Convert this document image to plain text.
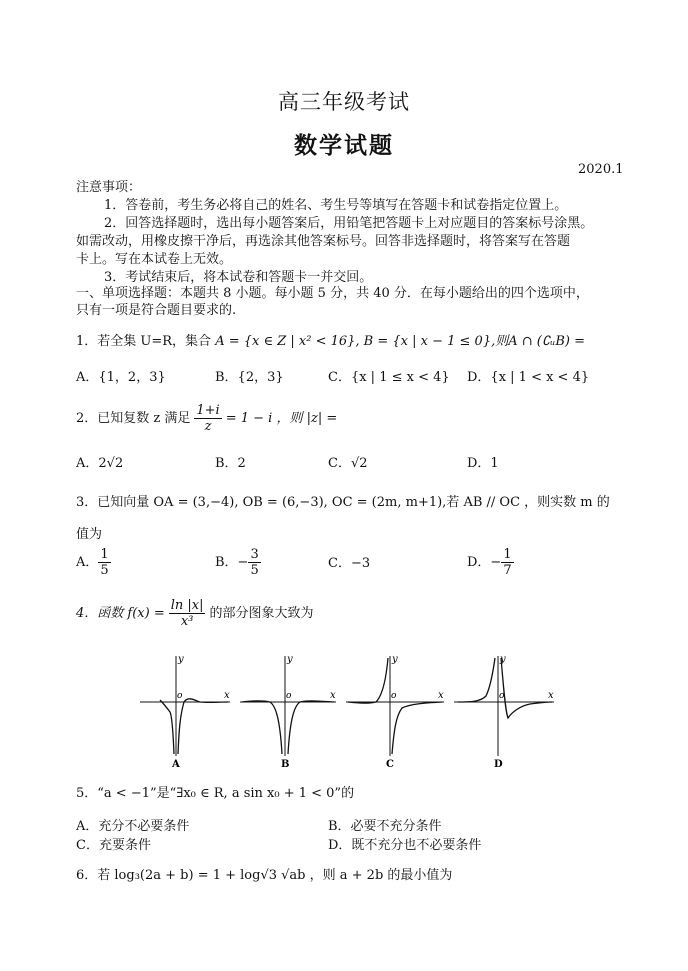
高三年级考试
数学试题
2020.1
注意事项：
1．答卷前，考生务必将自己的姓名、考生号等填写在答题卡和试卷指定位置上。
2．回答选择题时，选出每小题答案后，用铅笔把答题卡上对应题目的答案标号涂黑。
如需改动，用橡皮擦干净后，再选涂其他答案标号。回答非选择题时，将答案写在答题
卡上。写在本试卷上无效。
3．考试结束后，将本试卷和答题卡一并交回。
一、单项选择题：本题共 8 小题。每小题 5 分，共 40 分．在每小题给出的四个选项中，
只有一项是符合题目要求的.
1．若全集 U=R，集合 A = {x ∈ Z | x² < 16}, B = {x | x − 1 ≤ 0},则A ∩ (∁ᵤB) =
A．{1，2，3}	B．{2，3}	C．{x | 1 ≤ x < 4} D．{x | 1 < x < 4}
2．已知复数 z 满足 $\frac{1+i}{z} = 1 - i$ ，则 |z| =
A．2√2	B．2	C．√2	D．1
3．已知向量 OA = (3,−4), OB = (6,−3), OC = (2m, m+1),若 AB // OC ，则实数 m 的
值为
A． $\frac{1}{5}$	B．− $\frac{3}{5}$	C．−3	D．− $\frac{1}{7}$
4．函数 $f(x) = \frac{\ln |x|}{\text{x³}}$ 的部分图象大致为
x
y
o
A
x
y
o
B
x
y
o
C
x
y
o
D
5．“a < −1”是“∃x₀ ∈ R, a sin x₀ + 1 < 0”的
A．充分不必要条件	B．必要不充分条件
C．充要条件	D．既不充分也不必要条件
6．若 log₃(2a + b) = 1 + log√3 √ab ，则 a + 2b 的最小值为
